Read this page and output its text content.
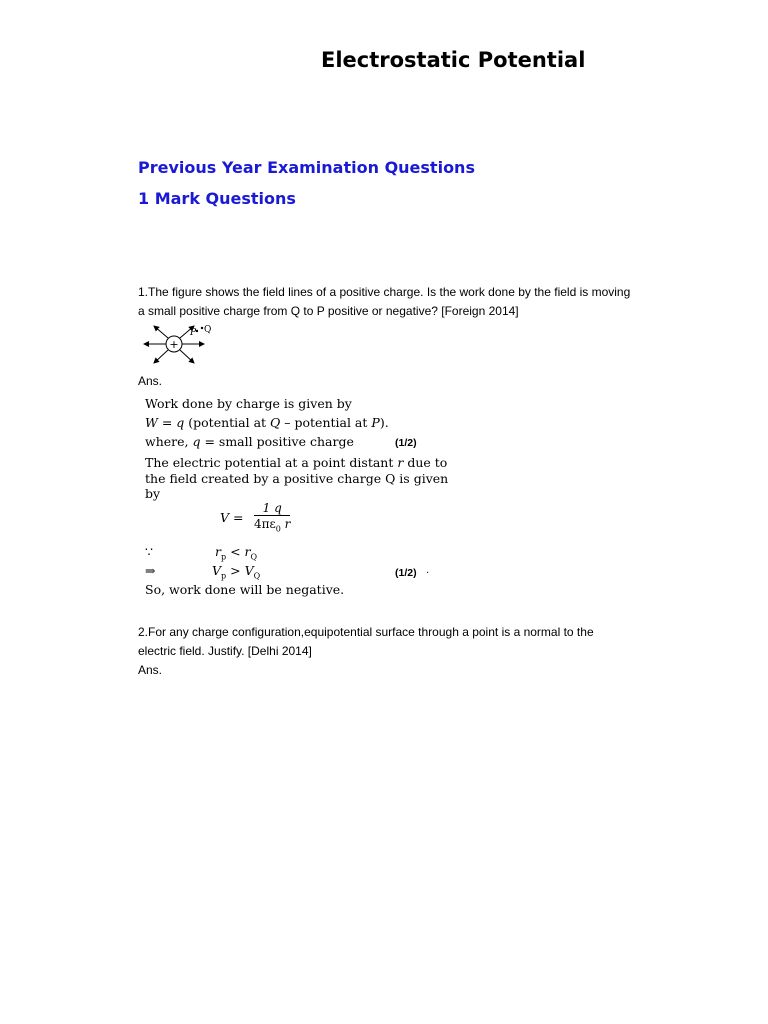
Electrostatic Potential
Previous Year Examination Questions
1 Mark Questions
1.The figure shows the field lines of a positive charge. Is the work done by the field is moving
a small positive charge from Q to P positive or negative? [Foreign 2014]
+
P Q
Ans.
Work done by charge is given by
W = q (potential at Q – potential at P).
where, q = small positive charge	(1/2)
The electric potential at a point distant r due to
the field created by a positive charge Q is given
by
$V = \frac{1 q}{4\pi\varepsilon_0 r}$
∵	$r_p < r_Q$
⇒	$V_p > V_Q$	(1/2) .
So, work done will be negative.
2.For any charge configuration,equipotential surface through a point is a normal to the
electric field. Justify. [Delhi 2014]
Ans.
